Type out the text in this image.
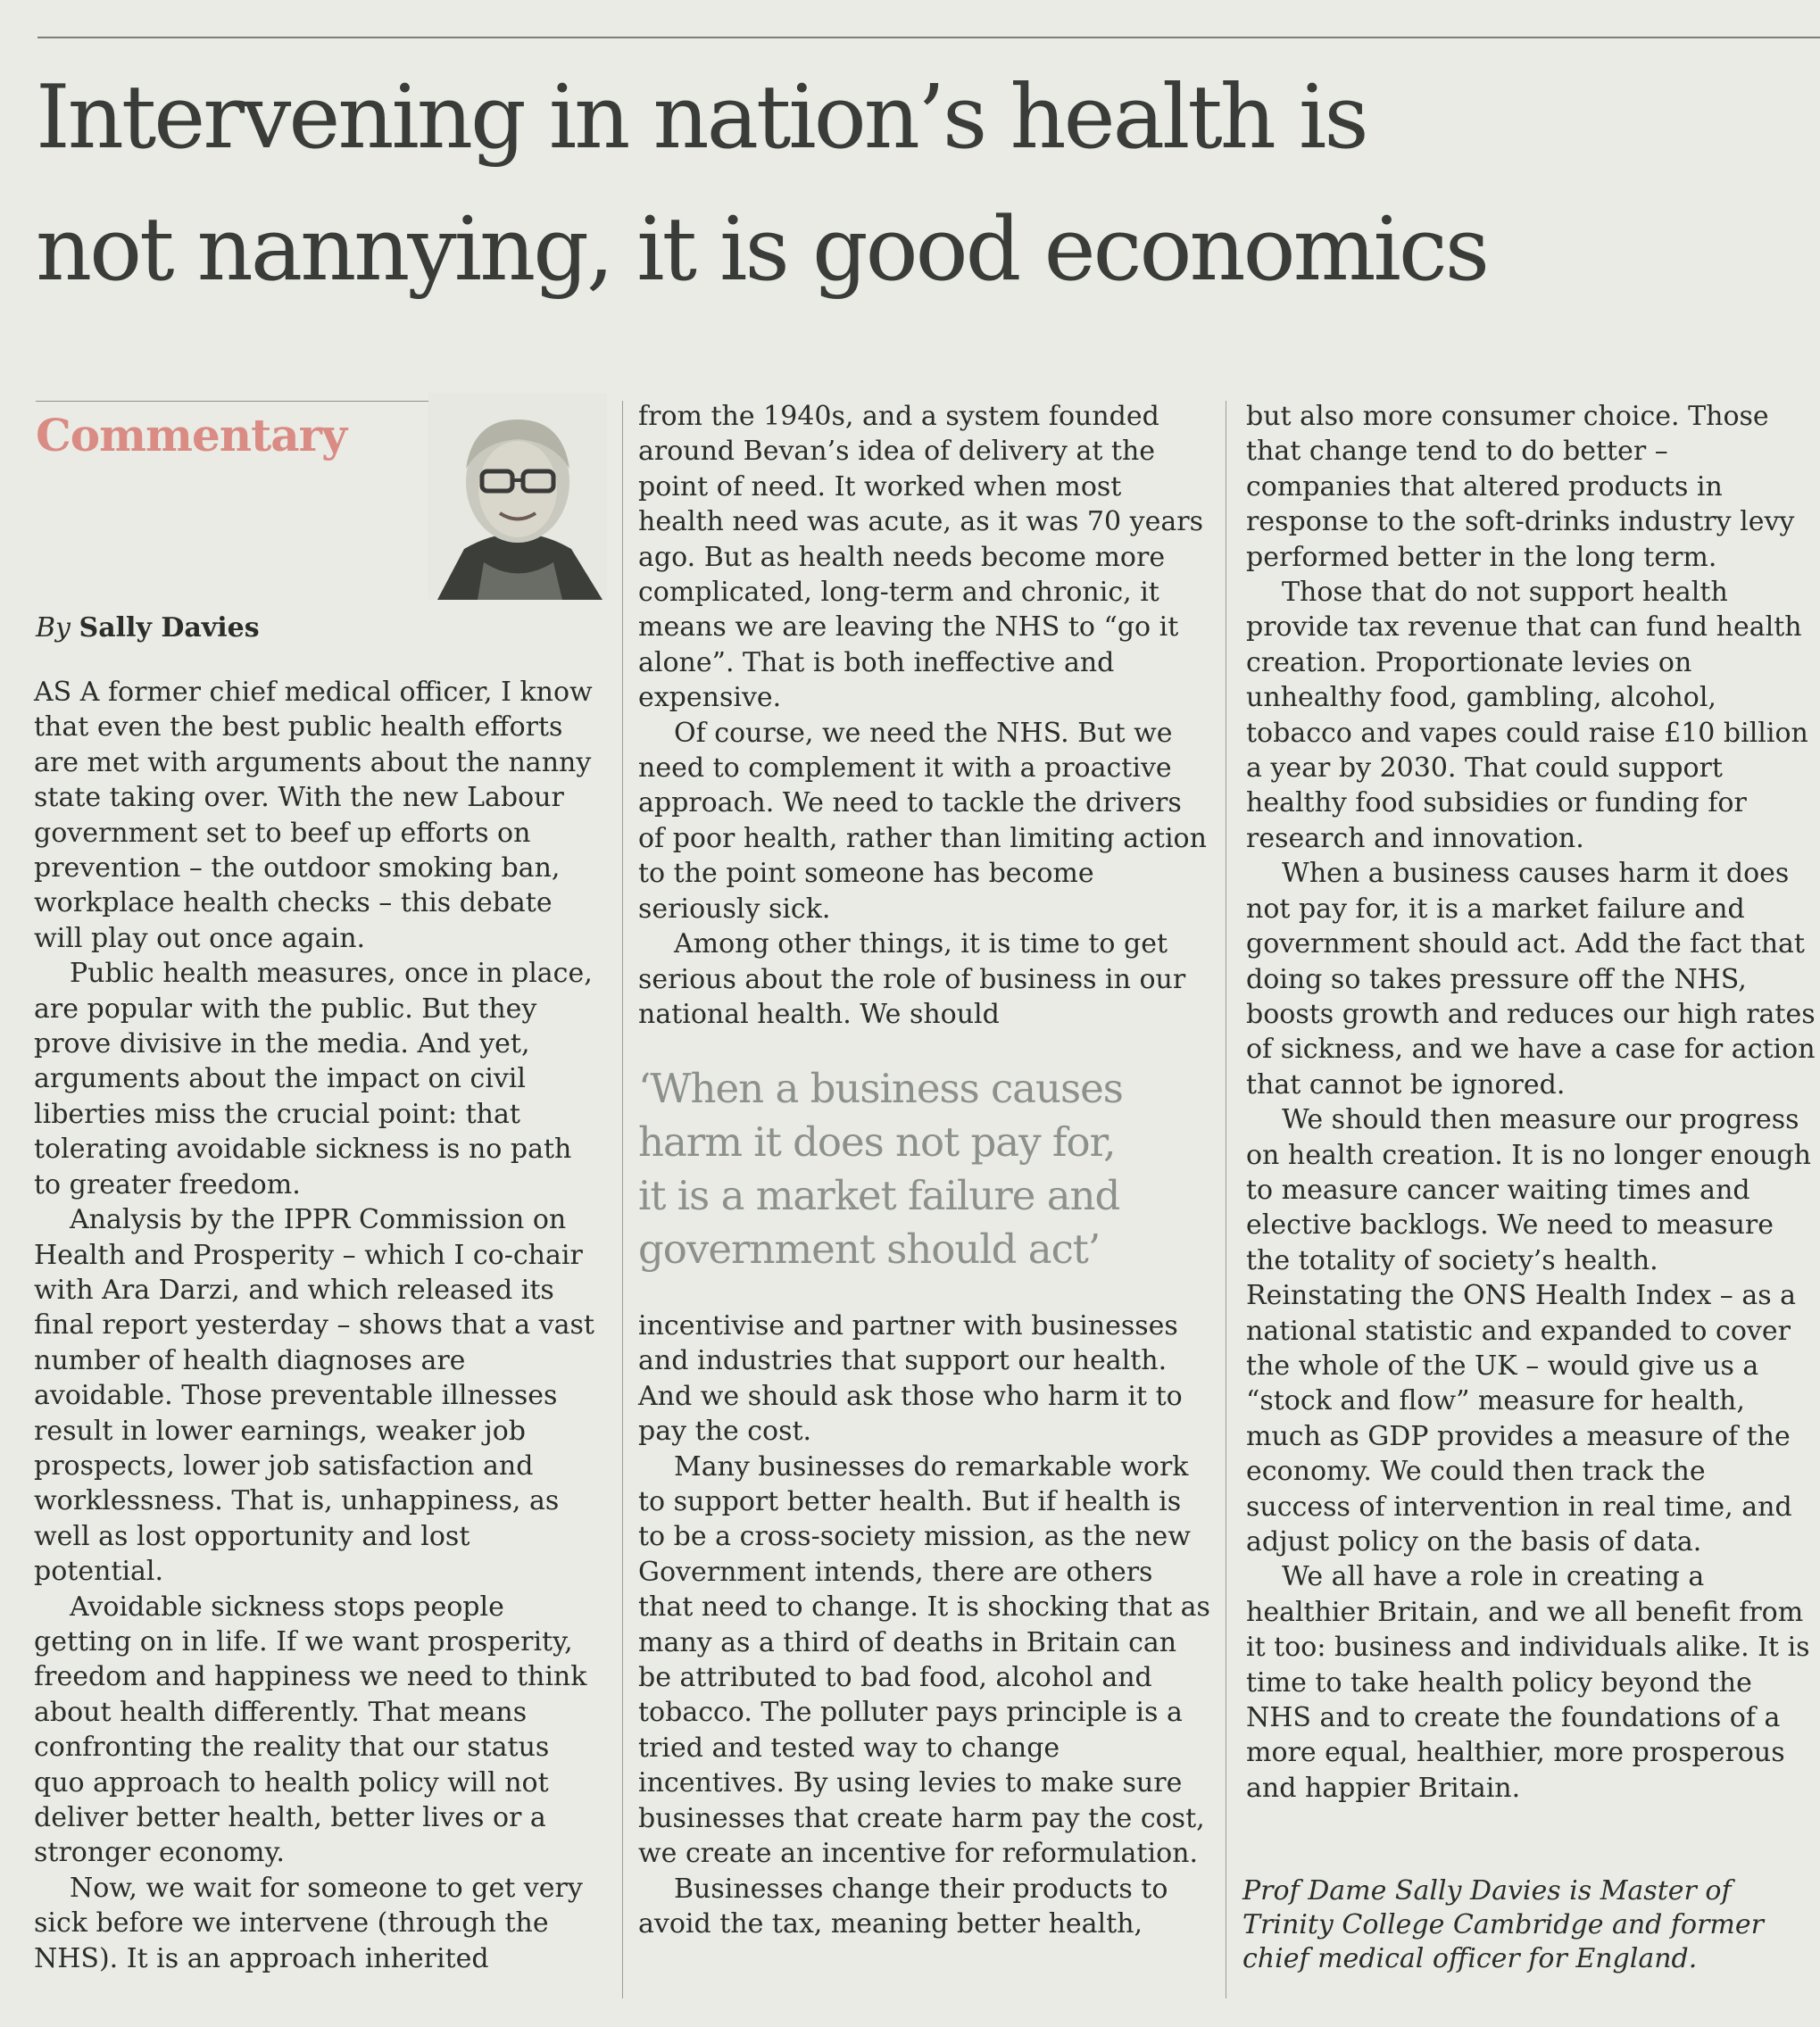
Intervening in nation’s health is
not nannying, it is good economics
Commentary
By Sally Davies

AS A former chief medical officer, I know that even the best public health efforts are met with arguments about the nanny state taking over. With the new Labour government set to beef up efforts on prevention – the outdoor smoking ban, workplace health checks – this debate will play out once again.

Public health measures, once in place, are popular with the public. But they prove divisive in the media. And yet, arguments about the impact on civil liberties miss the crucial point: that tolerating avoidable sickness is no path to greater freedom.

Analysis by the IPPR Commission on Health and Prosperity – which I co-chair with Ara Darzi, and which released its final report yesterday – shows that a vast number of health diagnoses are avoidable. Those preventable illnesses result in lower earnings, weaker job prospects, lower job satisfaction and worklessness. That is, unhappiness, as well as lost opportunity and lost potential.

Avoidable sickness stops people getting on in life. If we want prosperity, freedom and happiness we need to think about health differently. That means confronting the reality that our status quo approach to health policy will not deliver better health, better lives or a stronger economy.

Now, we wait for someone to get very sick before we intervene (through the NHS). It is an approach inherited

from the 1940s, and a system founded around Bevan’s idea of delivery at the point of need. It worked when most health need was acute, as it was 70 years ago. But as health needs become more complicated, long-term and chronic, it means we are leaving the NHS to “go it alone”. That is both ineffective and expensive.

Of course, we need the NHS. But we need to complement it with a proactive approach. We need to tackle the drivers of poor health, rather than limiting action to the point someone has become seriously sick.

Among other things, it is time to get serious about the role of business in our national health. We should

‘When a business causes
harm it does not pay for,
it is a market failure and
government should act’

incentivise and partner with businesses and industries that support our health. And we should ask those who harm it to pay the cost.

Many businesses do remarkable work to support better health. But if health is to be a cross-society mission, as the new Government intends, there are others that need to change. It is shocking that as many as a third of deaths in Britain can be attributed to bad food, alcohol and tobacco. The polluter pays principle is a tried and tested way to change incentives. By using levies to make sure businesses that create harm pay the cost, we create an incentive for reformulation.

Businesses change their products to avoid the tax, meaning better health,

but also more consumer choice. Those that change tend to do better – companies that altered products in response to the soft-drinks industry levy performed better in the long term.

Those that do not support health provide tax revenue that can fund health creation. Proportionate levies on unhealthy food, gambling, alcohol, tobacco and vapes could raise £10 billion a year by 2030. That could support healthy food subsidies or funding for research and innovation.

When a business causes harm it does not pay for, it is a market failure and government should act. Add the fact that doing so takes pressure off the NHS, boosts growth and reduces our high rates of sickness, and we have a case for action that cannot be ignored.

We should then measure our progress on health creation. It is no longer enough to measure cancer waiting times and elective backlogs. We need to measure the totality of society’s health. Reinstating the ONS Health Index – as a national statistic and expanded to cover the whole of the UK – would give us a “stock and flow” measure for health, much as GDP provides a measure of the economy. We could then track the success of intervention in real time, and adjust policy on the basis of data.

We all have a role in creating a healthier Britain, and we all benefit from it too: business and individuals alike. It is time to take health policy beyond the NHS and to create the foundations of a more equal, healthier, more prosperous and happier Britain.

Prof Dame Sally Davies is Master of
Trinity College Cambridge and former
chief medical officer for England.
